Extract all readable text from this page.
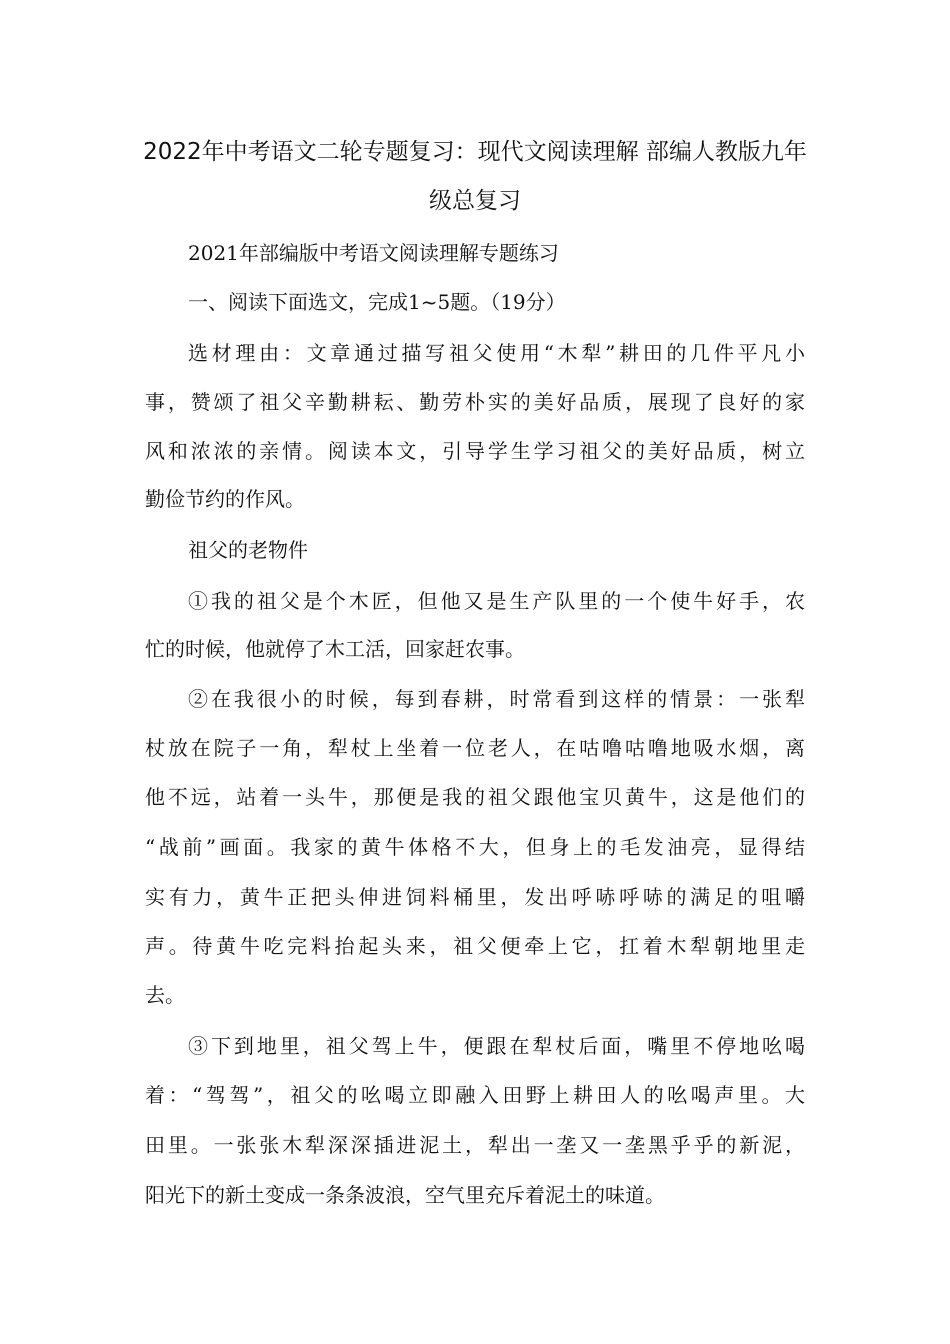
2022年中考语文二轮专题复习：现代文阅读理解 部编人教版九年
级总复习

2021年部编版中考语文阅读理解专题练习

一、阅读下面选文，完成1~5题。（19分）

选材理由：文章通过描写祖父使用“木犁”耕田的几件平凡小

事，赞颂了祖父辛勤耕耘、勤劳朴实的美好品质，展现了良好的家

风和浓浓的亲情。阅读本文，引导学生学习祖父的美好品质，树立

勤俭节约的作风。

祖父的老物件

①我的祖父是个木匠，但他又是生产队里的一个使牛好手，农

忙的时候，他就停了木工活，回家赶农事。

②在我很小的时候，每到春耕，时常看到这样的情景：一张犁

杖放在院子一角，犁杖上坐着一位老人，在咕噜咕噜地吸水烟，离

他不远，站着一头牛，那便是我的祖父跟他宝贝黄牛，这是他们的

“战前”画面。我家的黄牛体格不大，但身上的毛发油亮，显得结

实有力，黄牛正把头伸进饲料桶里，发出呼哧呼哧的满足的咀嚼

声。待黄牛吃完料抬起头来，祖父便牵上它，扛着木犁朝地里走

去。

③下到地里，祖父驾上牛，便跟在犁杖后面，嘴里不停地吆喝

着：“驾驾”，祖父的吆喝立即融入田野上耕田人的吆喝声里。大

田里。一张张木犁深深插进泥土，犁出一垄又一垄黑乎乎的新泥，

阳光下的新土变成一条条波浪，空气里充斥着泥土的味道。
